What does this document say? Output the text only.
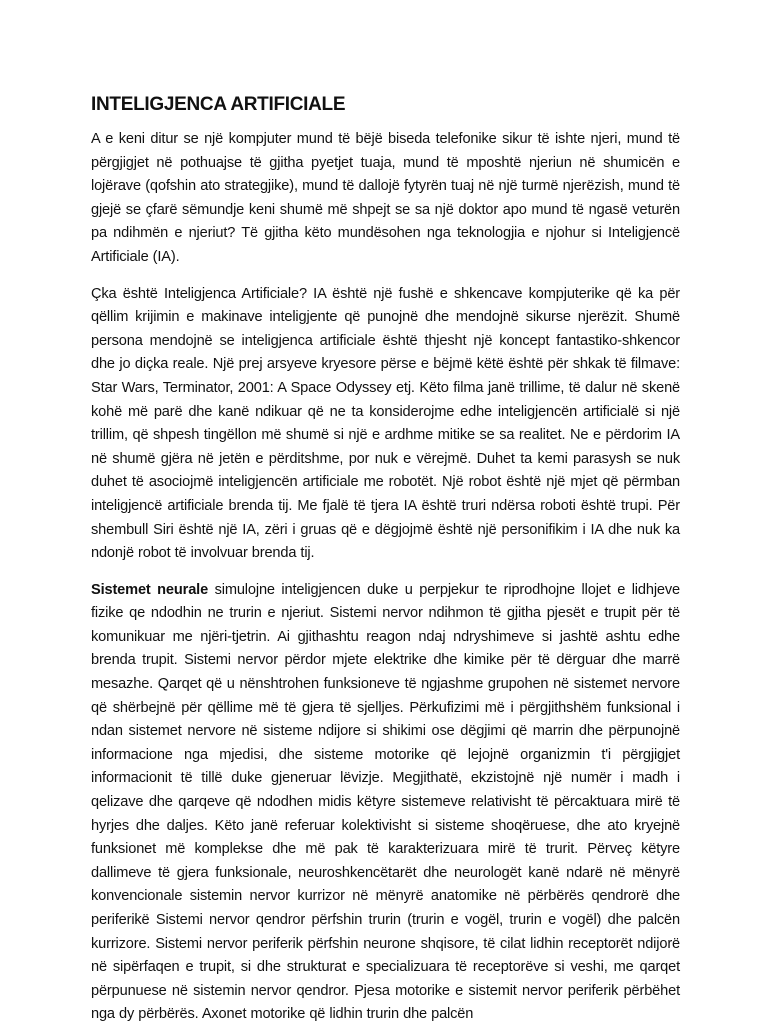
INTELIGJENCA ARTIFICIALE

A e keni ditur se një kompjuter mund të bëjë biseda telefonike sikur të ishte njeri, mund të përgjigjet në pothuajse të gjitha pyetjet tuaja, mund të mposhtë njeriun në shumicën e lojërave (qofshin ato strategjike), mund të dallojë fytyrën tuaj në një turmë njerëzish, mund të gjejë se çfarë sëmundje keni shumë më shpejt se sa një doktor apo mund të ngasë veturën pa ndihmën e njeriut? Të gjitha këto mundësohen nga teknologjia e njohur si Inteligjencë Artificiale (IA).

Çka është Inteligjenca Artificiale? IA është një fushë e shkencave kompjuterike që ka për qëllim krijimin e makinave inteligjente që punojnë dhe mendojnë sikurse njerëzit. Shumë persona mendojnë se inteligjenca artificiale është thjesht një koncept fantastiko-shkencor dhe jo diçka reale. Një prej arsyeve kryesore përse e bëjmë këtë është për shkak të filmave: Star Wars, Terminator, 2001: A Space Odyssey etj. Këto filma janë trillime, të dalur në skenë kohë më parë dhe kanë ndikuar që ne ta konsiderojme edhe inteligjencën artificialë si një trillim, që shpesh tingëllon më shumë si një e ardhme mitike se sa realitet. Ne e përdorim IA në shumë gjëra në jetën e përditshme, por nuk e vërejmë. Duhet ta kemi parasysh se nuk duhet të asociojmë inteligjencën artificiale me robotët. Një robot është një mjet që përmban inteligjencë artificiale brenda tij. Me fjalë të tjera IA është truri ndërsa roboti është trupi. Për shembull Siri është një IA, zëri i gruas që e dëgjojmë është një personifikim i IA dhe nuk ka ndonjë robot të involvuar brenda tij.

Sistemet neurale simulojne inteligjencen duke u perpjekur te riprodhojne llojet e lidhjeve fizike qe ndodhin ne trurin e njeriut. Sistemi nervor ndihmon të gjitha pjesët e trupit për të komunikuar me njëri-tjetrin. Ai gjithashtu reagon ndaj ndryshimeve si jashtë ashtu edhe brenda trupit. Sistemi nervor përdor mjete elektrike dhe kimike për të dërguar dhe marrë mesazhe. Qarqet që u nënshtrohen funksioneve të ngjashme grupohen në sistemet nervore që shërbejnë për qëllime më të gjera të sjelljes. Përkufizimi më i përgjithshëm funksional i ndan sistemet nervore në sisteme ndijore si shikimi ose dëgjimi që marrin dhe përpunojnë informacione nga mjedisi, dhe sisteme motorike që lejojnë organizmin t'i përgjigjet informacionit të tillë duke gjeneruar lëvizje. Megjithatë, ekzistojnë një numër i madh i qelizave dhe qarqeve që ndodhen midis këtyre sistemeve relativisht të përcaktuara mirë të hyrjes dhe daljes. Këto janë referuar kolektivisht si sisteme shoqëruese, dhe ato kryejnë funksionet më komplekse dhe më pak të karakterizuara mirë të trurit. Përveç këtyre dallimeve të gjera funksionale, neuroshkencëtarët dhe neurologët kanë ndarë në mënyrë konvencionale sistemin nervor kurrizor në mënyrë anatomike në përbërës qendrorë dhe periferikë Sistemi nervor qendror përfshin trurin (trurin e vogël, trurin e vogël) dhe palcën kurrizore. Sistemi nervor periferik përfshin neurone shqisore, të cilat lidhin receptorët ndijorë në sipërfaqen e trupit, si dhe strukturat e specializuara të receptorëve si veshi, me qarqet përpunuese në sistemin nervor qendror. Pjesa motorike e sistemit nervor periferik përbëhet nga dy përbërës. Axonet motorike që lidhin trurin dhe palcën
